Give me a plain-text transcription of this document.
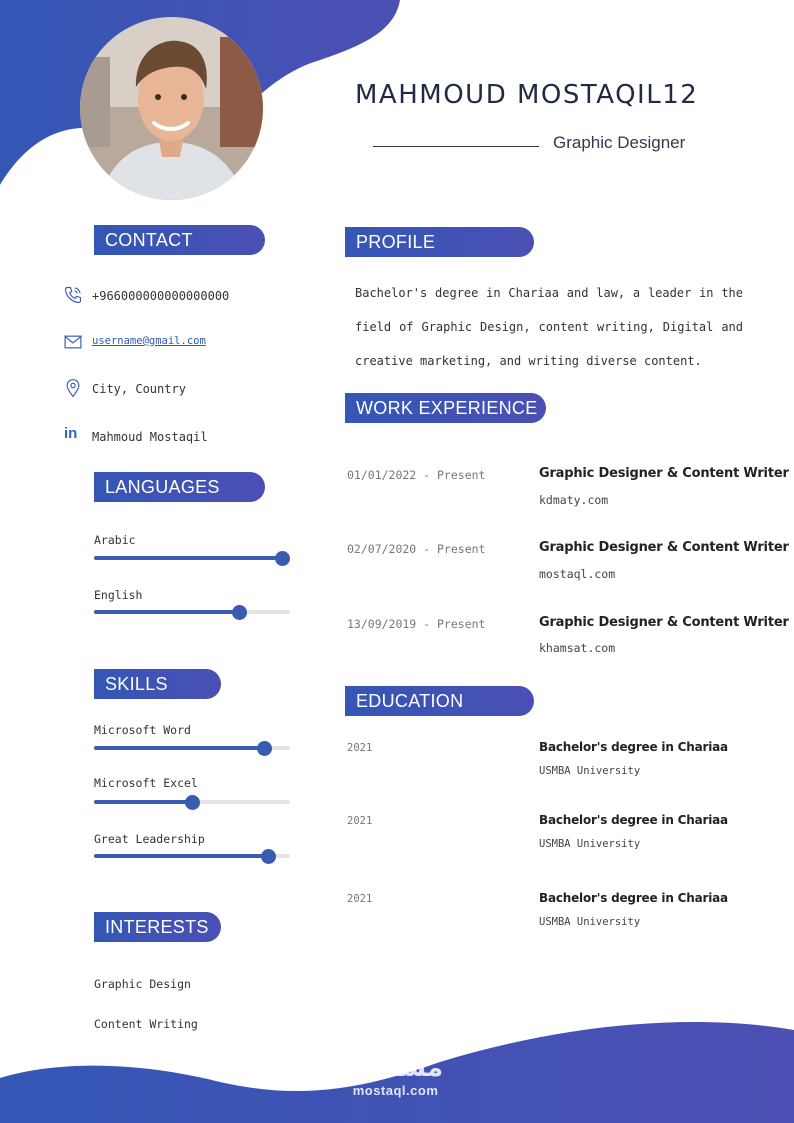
MAHMOUD MOSTAQIL12
Graphic Designer
CONTACT
+966000000000000000
username@gmail.com
City, Country
in	Mahmoud Mostaqil
LANGUAGES
Arabic
English
SKILLS
Microsoft Word
Microsoft Excel
Great Leadership
INTERESTS
Graphic Design
Content Writing
PROFILE
Bachelor's degree in Chariaa and law, a leader in the field of Graphic Design, content writing, Digital and creative marketing, and writing diverse content.
WORK EXPERIENCE
01/01/2022 - Present	Graphic Designer & Content Writer
kdmaty.com
02/07/2020 - Present	Graphic Designer & Content Writer
mostaql.com
13/09/2019 - Present	Graphic Designer & Content Writer
khamsat.com
EDUCATION
2021	Bachelor's degree in Chariaa
USMBA University
2021	Bachelor's degree in Chariaa
USMBA University
2021	Bachelor's degree in Chariaa
USMBA University
مستقل
mostaql.com
